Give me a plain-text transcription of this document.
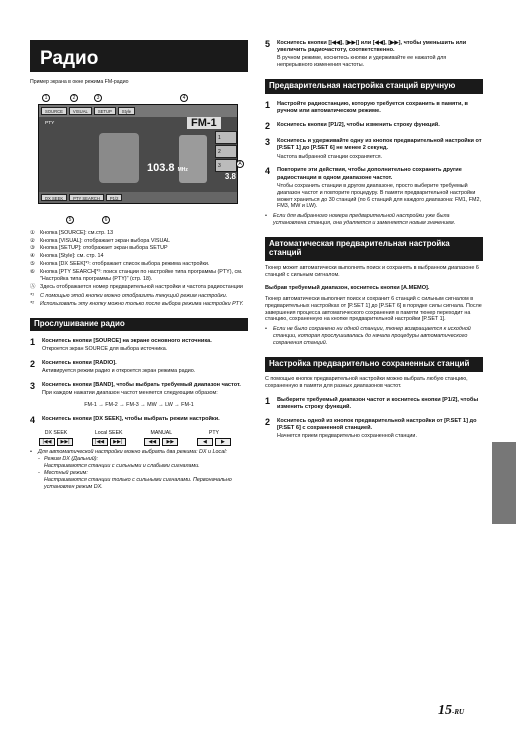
Радио
Пример экрана в окне режима FM-радио
1	2	3	4
SOURCE	VISUAL	SETUP	Style
FM-1
PTY
103.8 MHz
1
2
3
3.8
DX SEEK	PTY SEARCH	P1/2
A
5	6
① Кнопка [SOURCE]: см.стр. 13
② Кнопка [VISUAL]: отображает экран выбора VISUAL
③ Кнопка [SETUP]: отображает экран выбора SETUP
④ Кнопка [Style]: см. стр. 14
⑤ Кнопка [DX SEEK]*¹: отображает список выбора режима настройки.
⑥ Кнопка [PTY SEARCH]*²: поиск станции по настройке типа программы (PTY), см. "Настройка типа программы (PTY)" (стр. 18).
Ⓐ Здесь отображается номер предварительной настройки и частота радиостанции
*¹	С помощью этой кнопки можно отобразить текущий режим настройки.
*²	Использовать эту кнопку можно только после выбора режима настройки PTY.
Прослушивание радио
1	Коснитесь кнопки [SOURCE] на экране основного источника.
Откроется экран SOURCE для выбора источника.
2	Коснитесь кнопки [RADIO].
Активируется режим радио и откроется экран режима радио.
3	Коснитесь кнопки [BAND], чтобы выбрать требуемый диапазон частот.
При каждом нажатии диапазон частот меняется следующим образом:
FM-1 → FM-2 → FM-3 → MW → LW → FM-1
4	Коснитесь кнопки [DX SEEK], чтобы выбрать режим настройки.
DX SEEK	Local SEEK	MANUAL	PTY
|◀◀	▶▶|	|◀◀	▶▶|	◀◀	▶▶	◀	▶
•	Для автоматической настройки можно выбрать два режима: DX и Local:
- Режим DX (Дальний):
Настраиваются станции с сильными и слабыми сигналами.
- Местный режим:
Настраиваются станции только с сильными сигналами. Первоначально установлен режим DX.
5	Коснитесь кнопки [|◀◀], [▶▶|] или [◀◀], [▶▶], чтобы уменьшить или увеличить радиочастоту, соответственно.
В ручном режиме, коснитесь кнопки и удерживайте ее нажатой для непрерывного изменения частоты.
Предварительная настройка станций вручную
1	Настройте радиостанцию, которую требуется сохранить в памяти, в ручном или автоматическом режиме.
2	Коснитесь кнопки [P1/2], чтобы изменить строку функций.
3	Коснитесь и удерживайте одну из кнопок предварительной настройки от [P.SET 1] до [P.SET 6] не менее 2 секунд.
Частота выбранной станции сохраняется.
4	Повторите эти действия, чтобы дополнительно сохранить другие радиостанции в одном диапазоне частот.
Чтобы сохранить станции в другом диапазоне, просто выберите требуемый диапазон частот и повторите процедуру. В памяти предварительной настройки может храниться до 30 станций (по 6 станций для каждого диапазона: FM1, FM2, FM3, MW и LW).
•	Если для выбранного номера предварительной настройки уже была установлена станция, она удаляется и заменяется новым значением.
Автоматическая предварительная настройка станций
Тюнер может автоматически выполнять поиск и сохранять в выбранном диапазоне 6 станций с сильным сигналом.
Выбрав требуемый диапазон, коснитесь кнопки [A.MEMO].
Тюнер автоматически выполнит поиск и сохранит 6 станций с сильным сигналом в предварительных настройках от [P.SET 1] до [P.SET 6] в порядке силы сигнала. После завершения процесса автоматического сохранения в памяти тюнер переходит на станцию, сохраненную на кнопке предварительной настройки [P.SET 1].
•	Если не было сохранено ни одной станции, тюнер возвращается к исходной станции, которая прослушивалась до начала процедуры автоматического сохранения станций.
Настройка предварительно сохраненных станций
С помощью кнопок предварительной настройки можно выбрать любую станцию, сохраненную в памяти для разных диапазонов частот.
1	Выберите требуемый диапазон частот и коснитесь кнопки [P1/2], чтобы изменить строку функций.
2	Коснитесь одной из кнопок предварительной настройки от [P.SET 1] до [P.SET 6] с сохраненной станцией.
Начнется прием предварительно сохраненной станции.
15-RU
